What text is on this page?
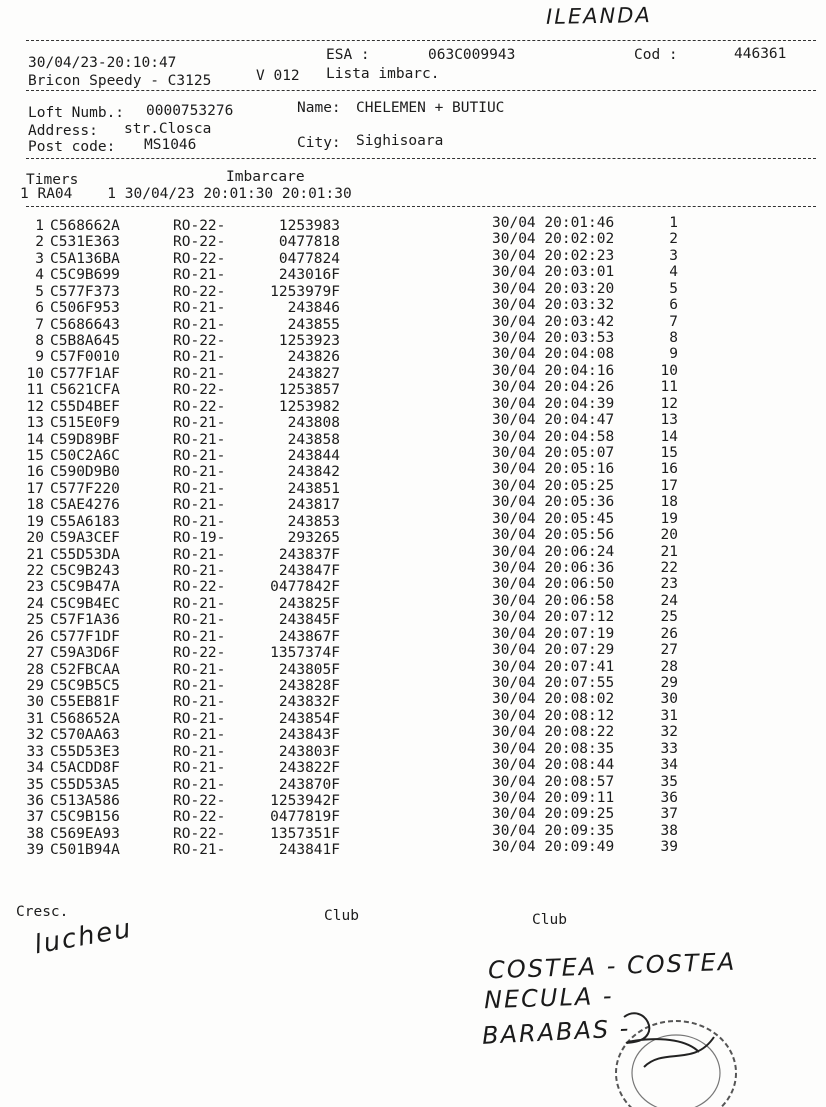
ILEANDA
30/04/23-20:10:47	ESA :	063C009943	Cod :	446361
Bricon Speedy - C3125	V 012 Lista imbarc.
Loft Numb.: 0000753276	Name: CHELEMEN + BUTIUC
Address: str.Closca
Post code: MS1046	City: Sighisoara
Timers	Imbarcare
1 RA04    1 30/04/23 20:01:30 20:01:30
1 C568662A	RO-22-	1253983	30/04 20:01:46	1
2 C531E363	RO-22-	0477818	30/04 20:02:02	2
3 C5A136BA	RO-22-	0477824	30/04 20:02:23	3
4 C5C9B699	RO-21-	243016F	30/04 20:03:01	4
5 C577F373	RO-22-	1253979F	30/04 20:03:20	5
6 C506F953	RO-21-	243846	30/04 20:03:32	6
7 C5686643	RO-21-	243855	30/04 20:03:42	7
8 C5B8A645	RO-22-	1253923	30/04 20:03:53	8
9 C57F0010	RO-21-	243826	30/04 20:04:08	9
10 C577F1AF	RO-21-	243827	30/04 20:04:16	10
11 C5621CFA	RO-22-	1253857	30/04 20:04:26	11
12 C55D4BEF	RO-22-	1253982	30/04 20:04:39	12
13 C515E0F9	RO-21-	243808	30/04 20:04:47	13
14 C59D89BF	RO-21-	243858	30/04 20:04:58	14
15 C50C2A6C	RO-21-	243844	30/04 20:05:07	15
16 C590D9B0	RO-21-	243842	30/04 20:05:16	16
17 C577F220	RO-21-	243851	30/04 20:05:25	17
18 C5AE4276	RO-21-	243817	30/04 20:05:36	18
19 C55A6183	RO-21-	243853	30/04 20:05:45	19
20 C59A3CEF	RO-19-	293265	30/04 20:05:56	20
21 C55D53DA	RO-21-	243837F	30/04 20:06:24	21
22 C5C9B243	RO-21-	243847F	30/04 20:06:36	22
23 C5C9B47A	RO-22-	0477842F	30/04 20:06:50	23
24 C5C9B4EC	RO-21-	243825F	30/04 20:06:58	24
25 C57F1A36	RO-21-	243845F	30/04 20:07:12	25
26 C577F1DF	RO-21-	243867F	30/04 20:07:19	26
27 C59A3D6F	RO-22-	1357374F	30/04 20:07:29	27
28 C52FBCAA	RO-21-	243805F	30/04 20:07:41	28
29 C5C9B5C5	RO-21-	243828F	30/04 20:07:55	29
30 C55EB81F	RO-21-	243832F	30/04 20:08:02	30
31 C568652A	RO-21-	243854F	30/04 20:08:12	31
32 C570AA63	RO-21-	243843F	30/04 20:08:22	32
33 C55D53E3	RO-21-	243803F	30/04 20:08:35	33
34 C5ACDD8F	RO-21-	243822F	30/04 20:08:44	34
35 C55D53A5	RO-21-	243870F	30/04 20:08:57	35
36 C513A586	RO-22-	1253942F	30/04 20:09:11	36
37 C5C9B156	RO-22-	0477819F	30/04 20:09:25	37
38 C569EA93	RO-22-	1357351F	30/04 20:09:35	38
39 C501B94A	RO-21-	243841F	30/04 20:09:49	39
Cresc.	Club	Club
lucheu
COSTEA - COSTEA
NECULA -
BARABAS -
